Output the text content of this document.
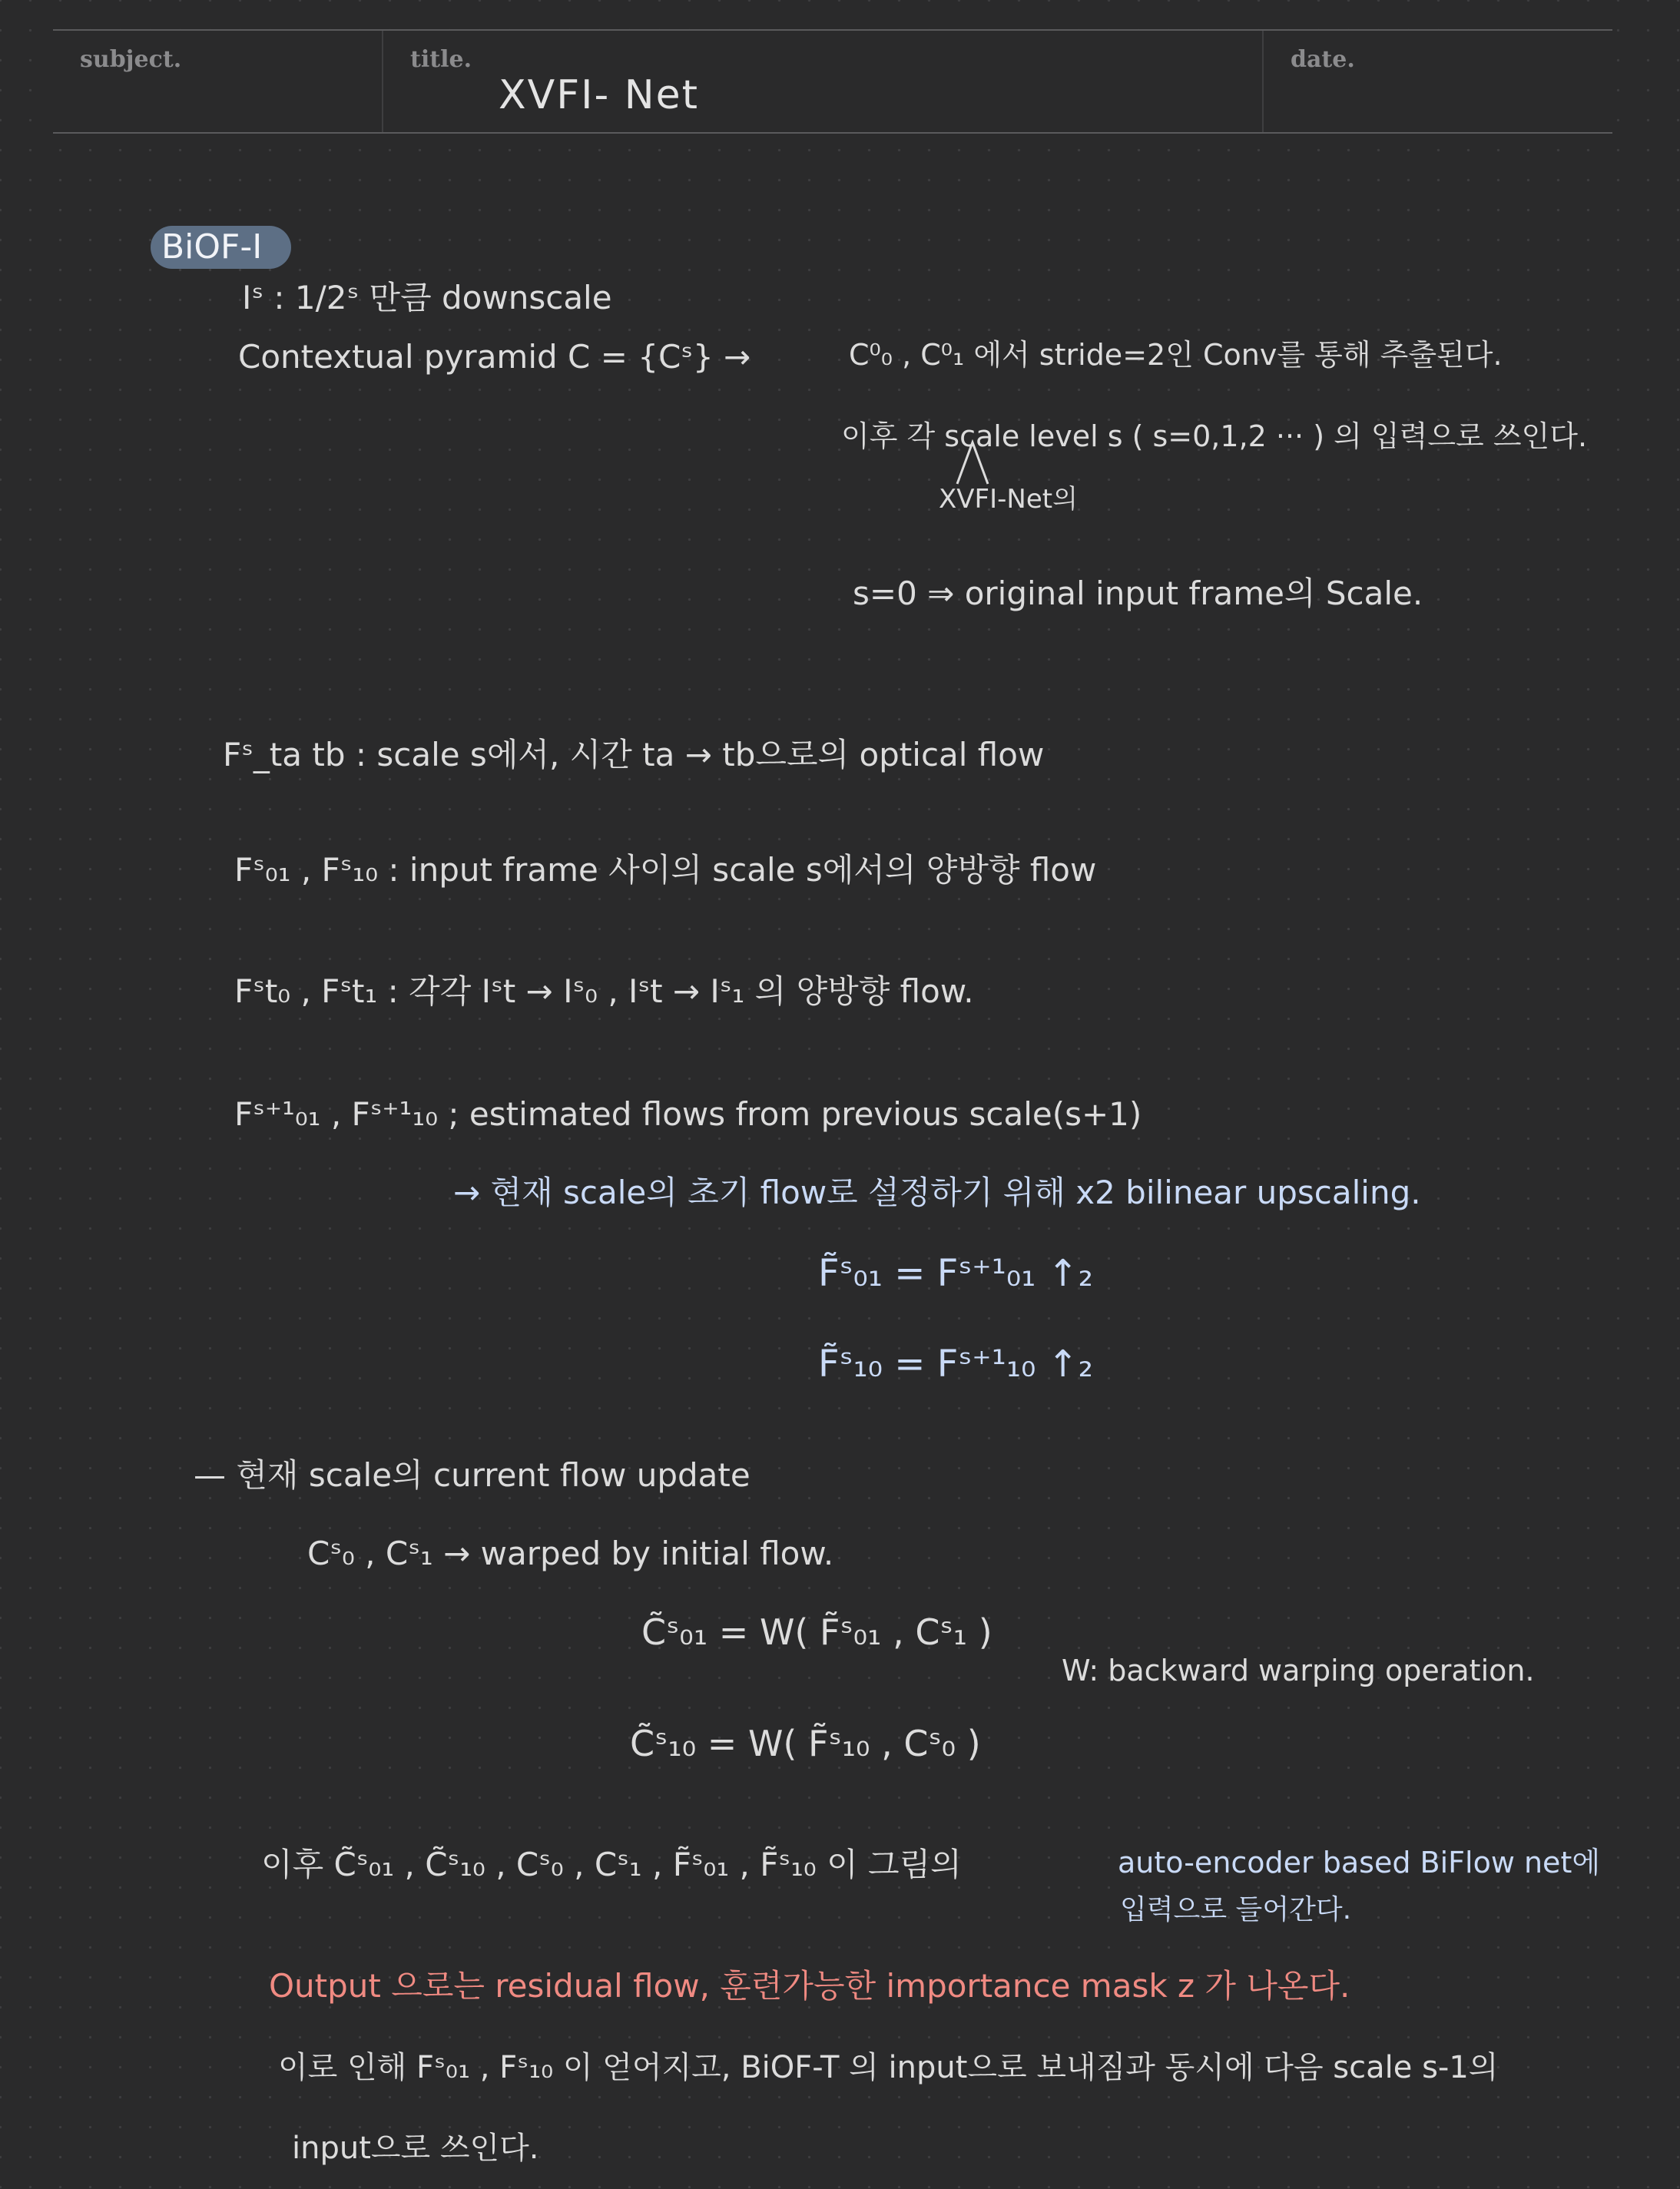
subject.	title.
XVFI- Net
date.
BiOF-I
Iˢ : 1/2ˢ 만큼 downscale
Contextual pyramid C = {Cˢ} →	C⁰₀ , C⁰₁ 에서 stride=2인 Conv를 통해 추출된다.
이후 각 scale level s ( s=0,1,2 ··· ) 의 입력으로 쓰인다.
XVFI-Net의
s=0 ⇒ original input frame의 Scale.
Fˢ_ta tb : scale s에서, 시간 ta → tb으로의 optical flow
Fˢ₀₁ , Fˢ₁₀ : input frame 사이의 scale s에서의 양방향 flow
Fˢt₀ , Fˢt₁ : 각각 Iˢt → Iˢ₀ , Iˢt → Iˢ₁ 의 양방향 flow.
Fˢ⁺¹₀₁ , Fˢ⁺¹₁₀ ; estimated flows from previous scale(s+1)
→ 현재 scale의 초기 flow로 설정하기 위해 x2 bilinear upscaling.
F̃ˢ₀₁ = Fˢ⁺¹₀₁ ↑₂
F̃ˢ₁₀ = Fˢ⁺¹₁₀ ↑₂
— 현재 scale의 current flow update
Cˢ₀ , Cˢ₁ → warped by initial flow.
C̃ˢ₀₁ = W( F̃ˢ₀₁ , Cˢ₁ )
W: backward warping operation.
C̃ˢ₁₀ = W( F̃ˢ₁₀ , Cˢ₀ )
이후 C̃ˢ₀₁ , C̃ˢ₁₀ , Cˢ₀ , Cˢ₁ , F̃ˢ₀₁ , F̃ˢ₁₀ 이 그림의	auto-encoder based BiFlow net에
입력으로 들어간다.
Output 으로는 residual flow, 훈련가능한 importance mask z 가 나온다.
이로 인해 Fˢ₀₁ , Fˢ₁₀ 이 얻어지고, BiOF-T 의 input으로 보내짐과 동시에 다음 scale s-1의
input으로 쓰인다.
